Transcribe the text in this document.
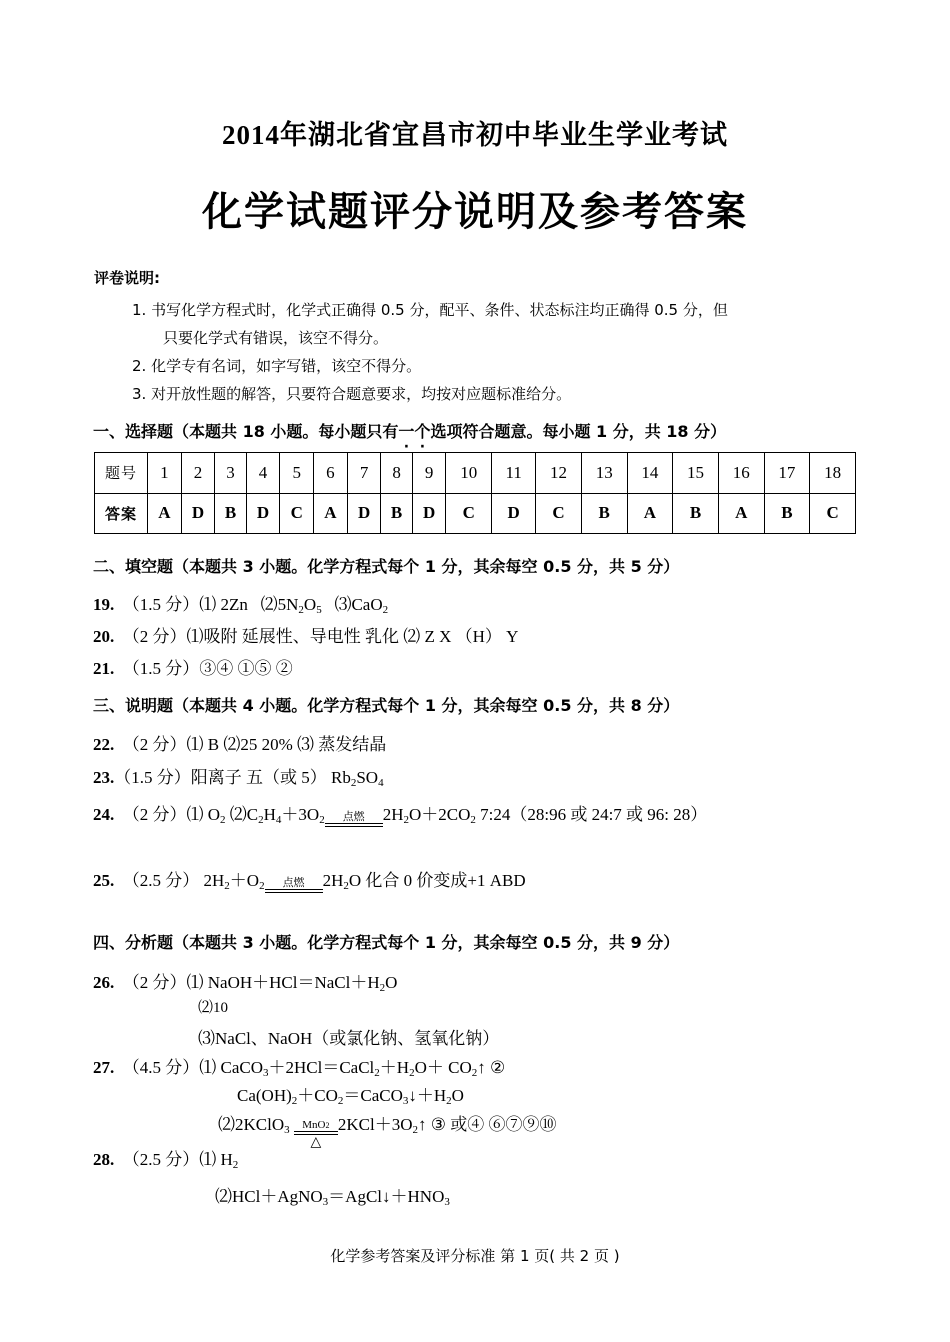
2014年湖北省宜昌市初中毕业生学业考试
化学试题评分说明及参考答案
评卷说明:
1. 书写化学方程式时，化学式正确得 0.5 分，配平、条件、状态标注均正确得 0.5 分，但
只要化学式有错误，该空不得分。
2. 化学专有名词，如字写错，该空不得分。
3. 对开放性题的解答，只要符合题意要求，均按对应题标准给分。
一、选择题（本题共 18 小题。每小题只有一个选项符合题意。每小题 1 分，共 18 分）
题号	1	2	3	4	5	6	7	8	9	10	11	12	13	14	15	16	17	18
答案	A	D	B	D	C	A	D	B	D	C	D	C	B	A	B	A	B	C
二、填空题（本题共 3 小题。化学方程式每个 1 分，其余每空 0.5 分，共 5 分）
19. （1.5 分）⑴ 2Zn $⑵5N_2O_5$ ⑶CaO$_2$
20. （2 分）⑴吸附 延展性、导电性 乳化 ⑵ Z X （H） Y
21. （1.5 分）③④ ①⑤ ②
三、说明题（本题共 4 小题。化学方程式每个 1 分，其余每空 0.5 分，共 8 分）
22. （2 分）⑴ B ⑵25 20% ⑶ 蒸发结晶
23.（1.5 分）阳离子 五（或 5） $Rb_2SO_4$
24. （2 分）⑴ $O_2$ $⑵C_2H_4+3O_2$	点燃	$2H_2O+2CO_2$ 7:24（28:96 或 24:7 或 96: 28）
25. （2.5 分） $2H_2+O_2$	点燃	$2H_2O$ 化合 0 价变成+1 ABD
四、分析题（本题共 3 小题。化学方程式每个 1 分，其余每空 0.5 分，共 9 分）
26. （2 分）⑴ $NaOH+HCl=NaCl+H_2O$
⑵10
⑶NaCl、NaOH（或氯化钠、氢氧化钠）
27. （4.5 分）⑴ $CaCO_3+2HCl=CaCl_2+H_2O+$ $CO_2↑$ ②
$Ca(OH)_2+CO_2=CaCO_3↓+H_2O$
⑵2KClO$_3$	MnO2
△
$2KCl+3O_2↑$ ③ 或④ ⑥⑦⑨⑩
28. （2.5 分）⑴ $H_2$
$⑵HCl+AgNO_3=AgCl↓+HNO_3$
化学参考答案及评分标准 第 1 页( 共 2 页 )
